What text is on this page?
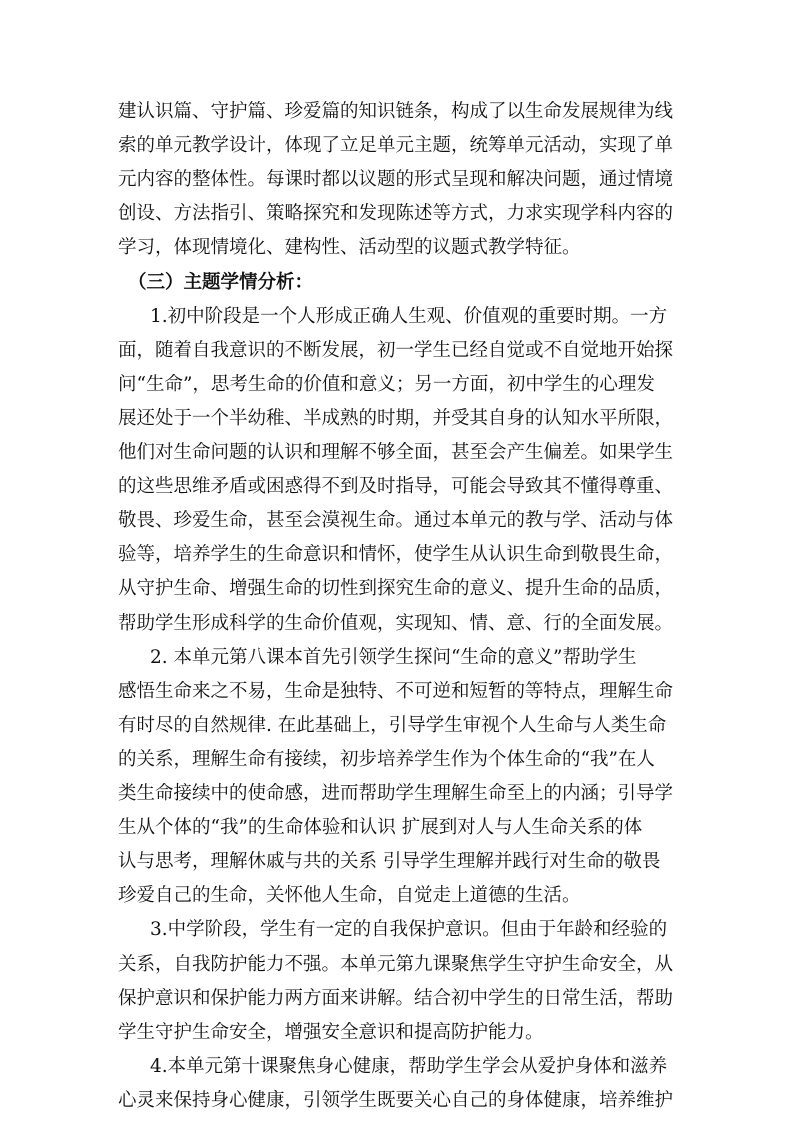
建认识篇、守护篇、珍爱篇的知识链条，构成了以生命发展规律为线
索的单元教学设计，体现了立足单元主题，统筹单元活动，实现了单
元内容的整体性。每课时都以议题的形式呈现和解决问题，通过情境
创设、方法指引、策略探究和发现陈述等方式，力求实现学科内容的
学习，体现情境化、建构性、活动型的议题式教学特征。
（三）主题学情分析：
1.初中阶段是一个人形成正确人生观、价值观的重要时期。一方
面，随着自我意识的不断发展，初一学生已经自觉或不自觉地开始探
问“生命”，思考生命的价值和意义；另一方面，初中学生的心理发
展还处于一个半幼稚、半成熟的时期，并受其自身的认知水平所限，
他们对生命问题的认识和理解不够全面，甚至会产生偏差。如果学生
的这些思维矛盾或困惑得不到及时指导，可能会导致其不懂得尊重、
敬畏、珍爱生命，甚至会漠视生命。通过本单元的教与学、活动与体
验等，培养学生的生命意识和情怀，使学生从认识生命到敬畏生命，
从守护生命、增强生命的切性到探究生命的意义、提升生命的品质，
帮助学生形成科学的生命价值观，实现知、情、意、行的全面发展。
2. 本单元第八课本首先引领学生探问“生命的意义”帮助学生
感悟生命来之不易，生命是独特、不可逆和短暂的等特点，理解生命
有时尽的自然规律. 在此基础上，引导学生审视个人生命与人类生命
的关系，理解生命有接续，初步培养学生作为个体生命的“我”在人
类生命接续中的使命感，进而帮助学生理解生命至上的内涵；引导学
生从个体的“我”的生命体验和认识 扩展到对人与人生命关系的体
认与思考，理解休戚与共的关系 引导学生理解并践行对生命的敬畏
珍爱自己的生命，关怀他人生命，自觉走上道德的生活。
3.中学阶段，学生有一定的自我保护意识。但由于年龄和经验的
关系，自我防护能力不强。本单元第九课聚焦学生守护生命安全，从
保护意识和保护能力两方面来讲解。结合初中学生的日常生活，帮助
学生守护生命安全，增强安全意识和提高防护能力。
4.本单元第十课聚焦身心健康，帮助学生学会从爱护身体和滋养
心灵来保持身心健康，引领学生既要关心自己的身体健康，培养维护
